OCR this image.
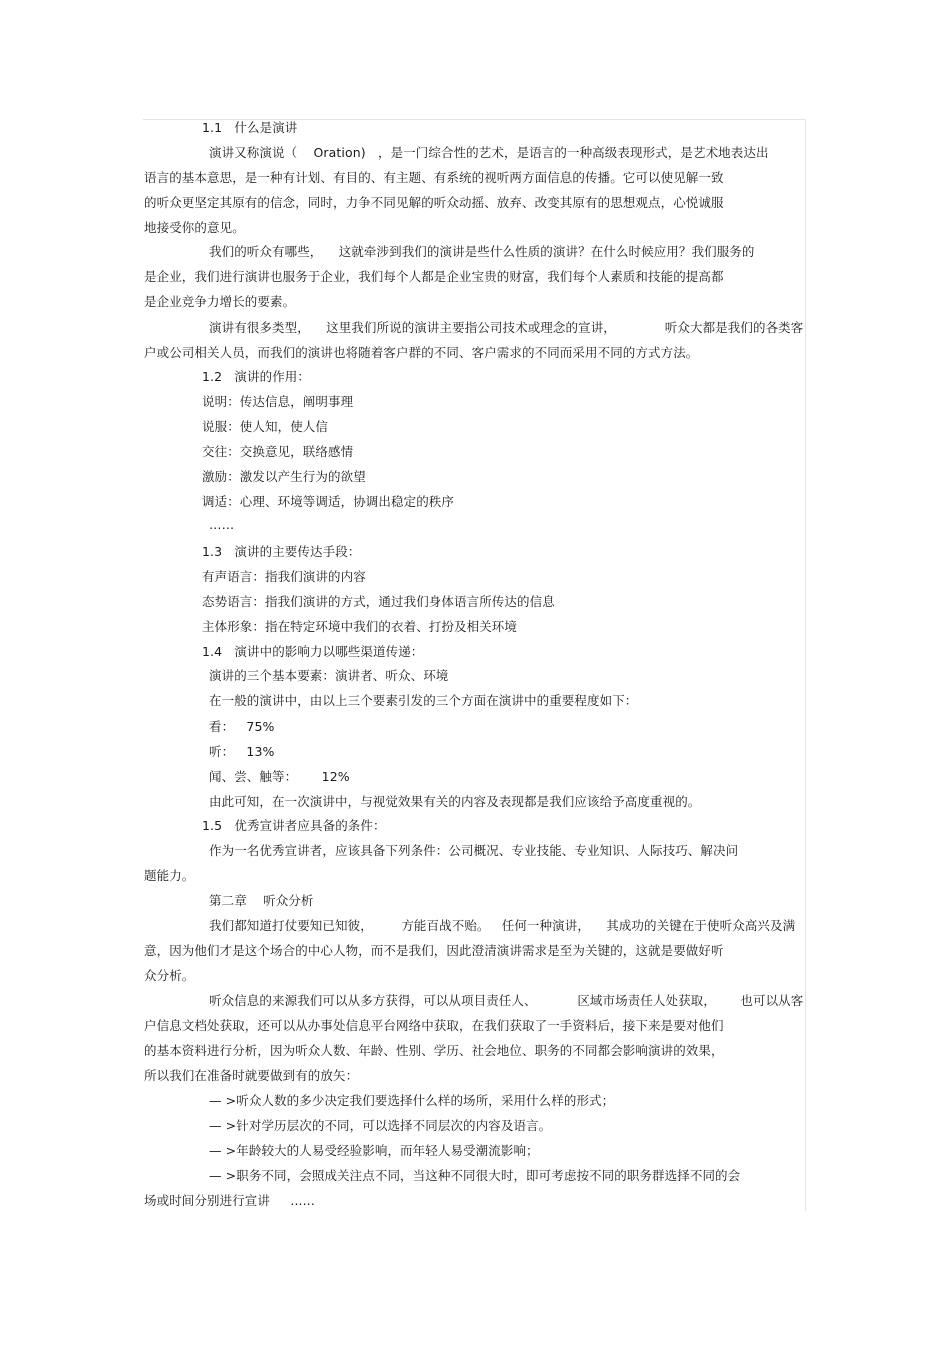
1.1   什么是演讲
演讲又称演说（    Oration)   ，是一门综合性的艺术，是语言的一种高级表现形式，是艺术地表达出
语言的基本意思，是一种有计划、有目的、有主题、有系统的视听两方面信息的传播。它可以使见解一致
的听众更坚定其原有的信念，同时，力争不同见解的听众动摇、放弃、改变其原有的思想观点，心悦诚服
地接受你的意见。
我们的听众有哪些，    这就牵涉到我们的演讲是些什么性质的演讲？在什么时候应用？我们服务的
是企业，我们进行演讲也服务于企业，我们每个人都是企业宝贵的财富，我们每个人素质和技能的提高都
是企业竞争力增长的要素。
演讲有很多类型，    这里我们所说的演讲主要指公司技术或理念的宣讲，            听众大都是我们的各类客
户或公司相关人员，而我们的演讲也将随着客户群的不同、客户需求的不同而采用不同的方式方法。
1.2   演讲的作用：
说明：传达信息，阐明事理
说服：使人知，使人信
交往：交换意见，联络感情
激励：激发以产生行为的欲望
调适：心理、环境等调适，协调出稳定的秩序
……
1.3   演讲的主要传达手段：
有声语言：指我们演讲的内容
态势语言：指我们演讲的方式，通过我们身体语言所传达的信息
主体形象：指在特定环境中我们的衣着、打扮及相关环境
1.4   演讲中的影响力以哪些渠道传递：
演讲的三个基本要素：演讲者、听众、环境
在一般的演讲中，由以上三个要素引发的三个方面在演讲中的重要程度如下：
看：   75%
听：   13%
闻、尝、触等：      12%
由此可知，在一次演讲中，与视觉效果有关的内容及表现都是我们应该给予高度重视的。
1.5   优秀宣讲者应具备的条件：
作为一名优秀宣讲者，应该具备下列条件：公司概况、专业技能、专业知识、人际技巧、解决问
题能力。
第二章    听众分析
我们都知道打仗要知已知彼，       方能百战不贻。   任何一种演讲，    其成功的关键在于使听众高兴及满
意，因为他们才是这个场合的中心人物，而不是我们，因此澄清演讲需求是至为关键的，这就是要做好听
众分析。
听众信息的来源我们可以从多方获得，可以从项目责任人、          区域市场责任人处获取，      也可以从客
户信息文档处获取，还可以从办事处信息平台网络中获取，在我们获取了一手资料后，接下来是要对他们
的基本资料进行分析，因为听众人数、年龄、性别、学历、社会地位、职务的不同都会影响演讲的效果，
所以我们在准备时就要做到有的放矢：
— >听众人数的多少决定我们要选择什么样的场所，采用什么样的形式；
— >针对学历层次的不同，可以选择不同层次的内容及语言。
— >年龄较大的人易受经验影响，而年轻人易受潮流影响；
— >职务不同，会照成关注点不同，当这种不同很大时，即可考虑按不同的职务群选择不同的会
场或时间分别进行宣讲     ......
